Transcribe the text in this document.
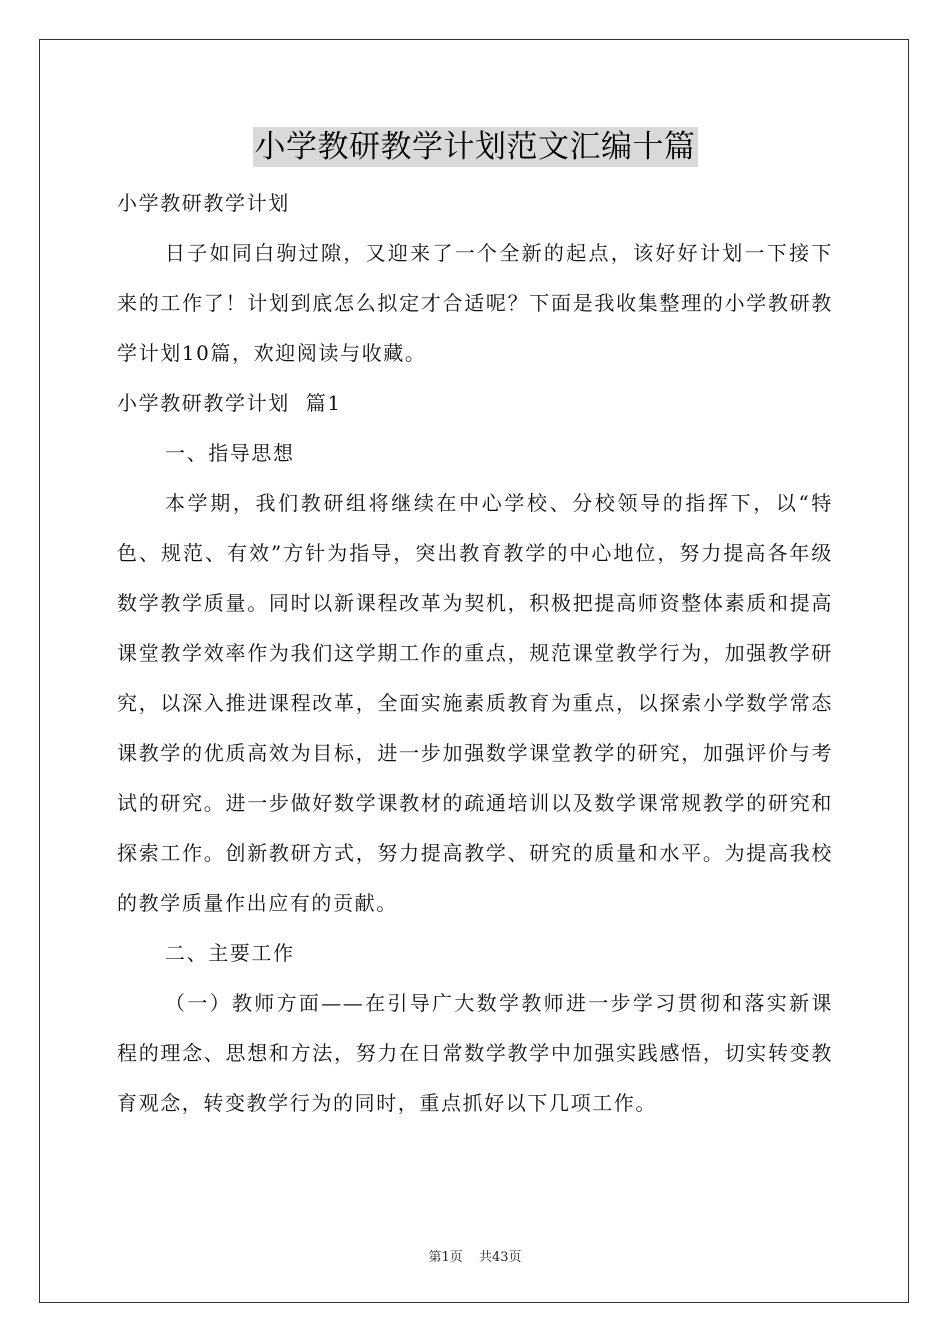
小学教研教学计划范文汇编十篇

小学教研教学计划

日子如同白驹过隙，又迎来了一个全新的起点，该好好计划一下接下来的工作了！计划到底怎么拟定才合适呢？下面是我收集整理的小学教研教学计划10篇，欢迎阅读与收藏。

小学教研教学计划  篇1

一、指导思想

本学期，我们教研组将继续在中心学校、分校领导的指挥下，以“特色、规范、有效”方针为指导，突出教育教学的中心地位，努力提高各年级数学教学质量。同时以新课程改革为契机，积极把提高师资整体素质和提高课堂教学效率作为我们这学期工作的重点，规范课堂教学行为，加强教学研究，以深入推进课程改革，全面实施素质教育为重点，以探索小学数学常态课教学的优质高效为目标，进一步加强数学课堂教学的研究，加强评价与考试的研究。进一步做好数学课教材的疏通培训以及数学课常规教学的研究和探索工作。创新教研方式，努力提高教学、研究的质量和水平。为提高我校的教学质量作出应有的贡献。

二、主要工作

（一）教师方面——在引导广大数学教师进一步学习贯彻和落实新课程的理念、思想和方法，努力在日常数学教学中加强实践感悟，切实转变教育观念，转变教学行为的同时，重点抓好以下几项工作。

第1页 共43页
